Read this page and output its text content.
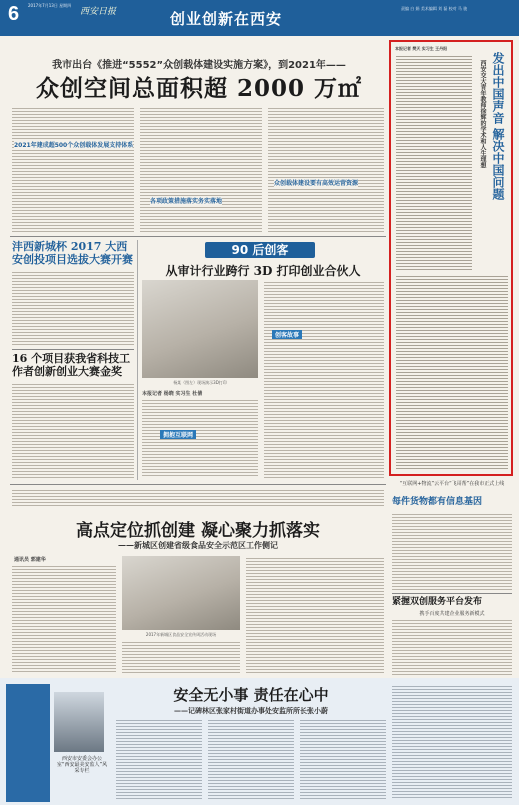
6 2017年7月13日 星期四
西安日报	创业创新在西安
责编 白 娟 美术编辑 刘 磊 校对 马 骏
我市出台《推进“5552”众创载体建设实施方案》，到2021年——
众创空间总面积超 2000 万㎡
2021年建成超500个众创载体发展支持体系
众创载体建设要有高效运营资源
各项政策措施落实务实落地
沣西新城杯 2017 大西安创投项目选拔大赛开赛
16 个项目获我省科技工作者创新创业大赛金奖
90 后创客
从审计行业跨行 3D 打印创业合伙人
杨某（图左）现场演示3D打印
本报记者 杨晓 实习生 杜倩
创客故事
拥抱互联网
本报记者 樊天 实习生 王丹阳
发出中国声音 解决中国问题
西安交大青年教师徐辉的学术和人生理想
“互联网+物流”云平台“飞哥帮”在我市正式上线
每件货物都有信息基因
紧握双创服务平台发布
携手百度共建企业服务新模式
高点定位抓创建 凝心聚力抓落实
——新城区创建省级食品安全示范区工作侧记
通讯员 郭建华
2017年新城区食品安全宣传周活动现场
西安市安委会办公室“西安最美安监人”风采专栏
安全无小事 责任在心中
——记碑林区张家村街道办事处安监所所长张小蔚
